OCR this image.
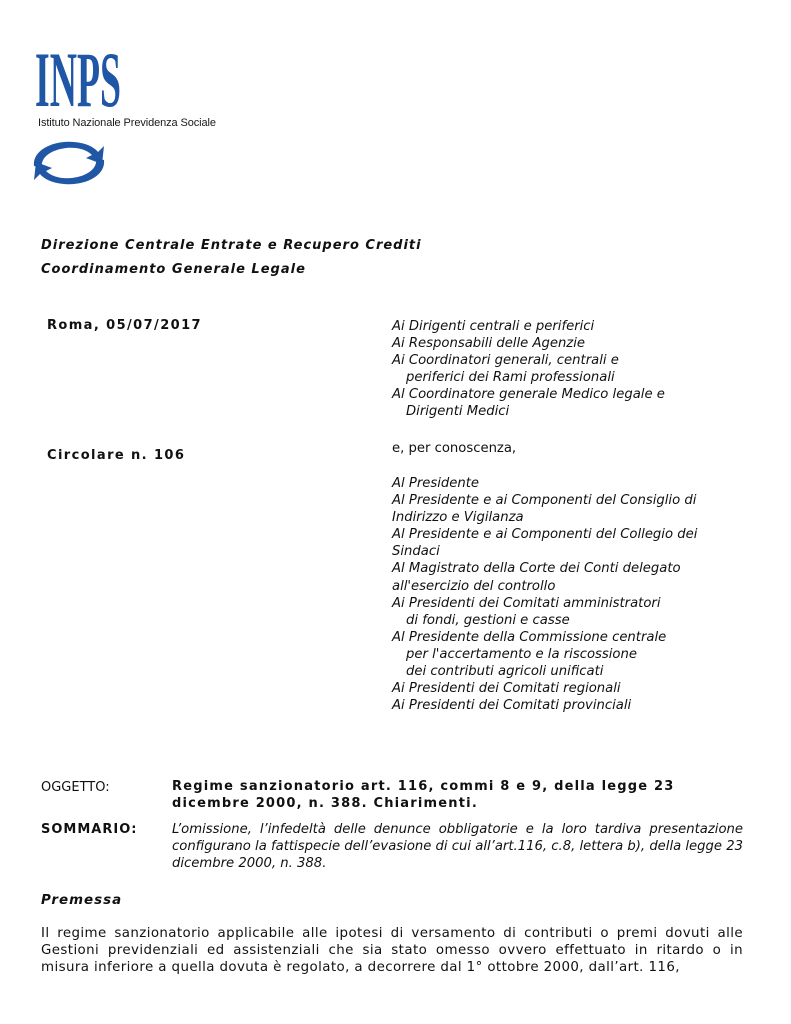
INPS
Istituto Nazionale Previdenza Sociale
Direzione Centrale Entrate e Recupero Crediti
Coordinamento Generale Legale
Roma, 05/07/2017
Circolare n. 106
Ai Dirigenti centrali e periferici
Ai Responsabili delle Agenzie
Ai Coordinatori generali, centrali e
periferici dei Rami professionali
Al Coordinatore generale Medico legale e
Dirigenti Medici
e, per conoscenza,
Al Presidente
Al Presidente e ai Componenti del Consiglio di
Indirizzo e Vigilanza
Al Presidente e ai Componenti del Collegio dei
Sindaci
Al Magistrato della Corte dei Conti delegato
all'esercizio del controllo
Ai Presidenti dei Comitati amministratori
di fondi, gestioni e casse
Al Presidente della Commissione centrale
per l'accertamento e la riscossione
dei contributi agricoli unificati
Ai Presidenti dei Comitati regionali
Ai Presidenti dei Comitati provinciali
OGGETTO:	Regime sanzionatorio art. 116, commi 8 e 9, della legge 23 dicembre 2000, n. 388. Chiarimenti.
SOMMARIO:	L’omissione, l’infedeltà delle denunce obbligatorie e la loro tardiva presentazione configurano la fattispecie dell’evasione di cui all’art.116, c.8, lettera b), della legge 23 dicembre 2000, n. 388.
Premessa
Il regime sanzionatorio applicabile alle ipotesi di versamento di contributi o premi dovuti alle Gestioni previdenziali ed assistenziali che sia stato omesso ovvero effettuato in ritardo o in misura inferiore a quella dovuta è regolato, a decorrere dal 1° ottobre 2000, dall’art. 116,
